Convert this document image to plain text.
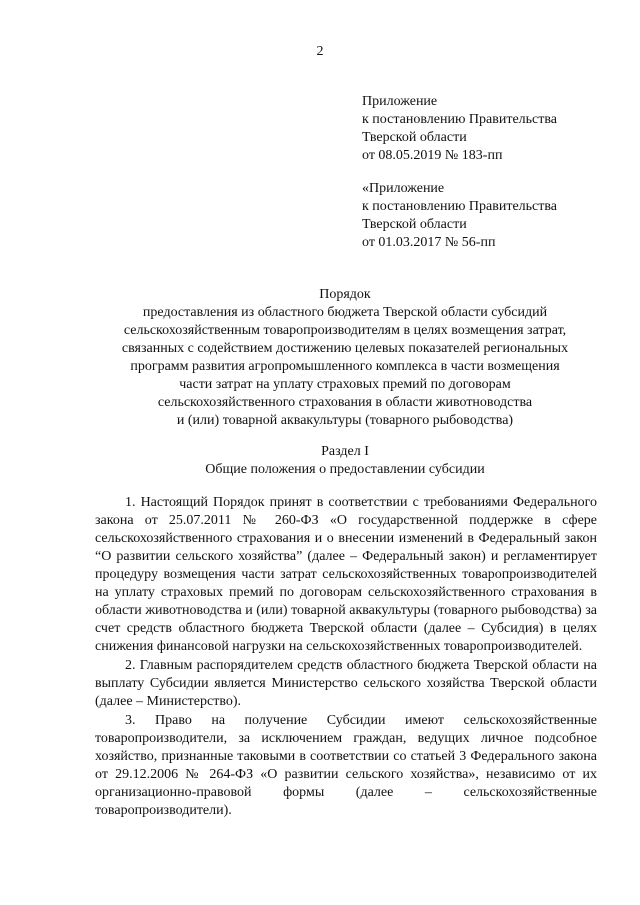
2
Приложение
к постановлению Правительства
Тверской области
от 08.05.2019 № 183-пп
«Приложение
к постановлению Правительства
Тверской области
от 01.03.2017 № 56-пп
Порядок
предоставления из областного бюджета Тверской области субсидий
сельскохозяйственным товаропроизводителям в целях возмещения затрат,
связанных с содействием достижению целевых показателей региональных
программ развития агропромышленного комплекса в части возмещения
части затрат на уплату страховых премий по договорам
сельскохозяйственного страхования в области животноводства
и (или) товарной аквакультуры (товарного рыбоводства)
Раздел I
Общие положения о предоставлении субсидии

1. Настоящий Порядок принят в соответствии с требованиями Федерального закона от 25.07.2011 № 260-ФЗ «О государственной поддержке в сфере сельскохозяйственного страхования и о внесении изменений в Федеральный закон “О развитии сельского хозяйства” (далее – Федеральный закон) и регламентирует процедуру возмещения части затрат сельскохозяйственных товаропроизводителей на уплату страховых премий по договорам сельскохозяйственного страхования в области животноводства и (или) товарной аквакультуры (товарного рыбоводства) за счет средств областного бюджета Тверской области (далее – Субсидия) в целях снижения финансовой нагрузки на сельскохозяйственных товаропроизводителей.

2. Главным распорядителем средств областного бюджета Тверской области на выплату Субсидии является Министерство сельского хозяйства Тверской области (далее – Министерство).

3. Право на получение Субсидии имеют сельскохозяйственные товаропроизводители, за исключением граждан, ведущих личное подсобное хозяйство, признанные таковыми в соответствии со статьей 3 Федерального закона от 29.12.2006 № 264-ФЗ «О развитии сельского хозяйства», независимо от их организационно-правовой формы (далее – сельскохозяйственные товаропроизводители).
